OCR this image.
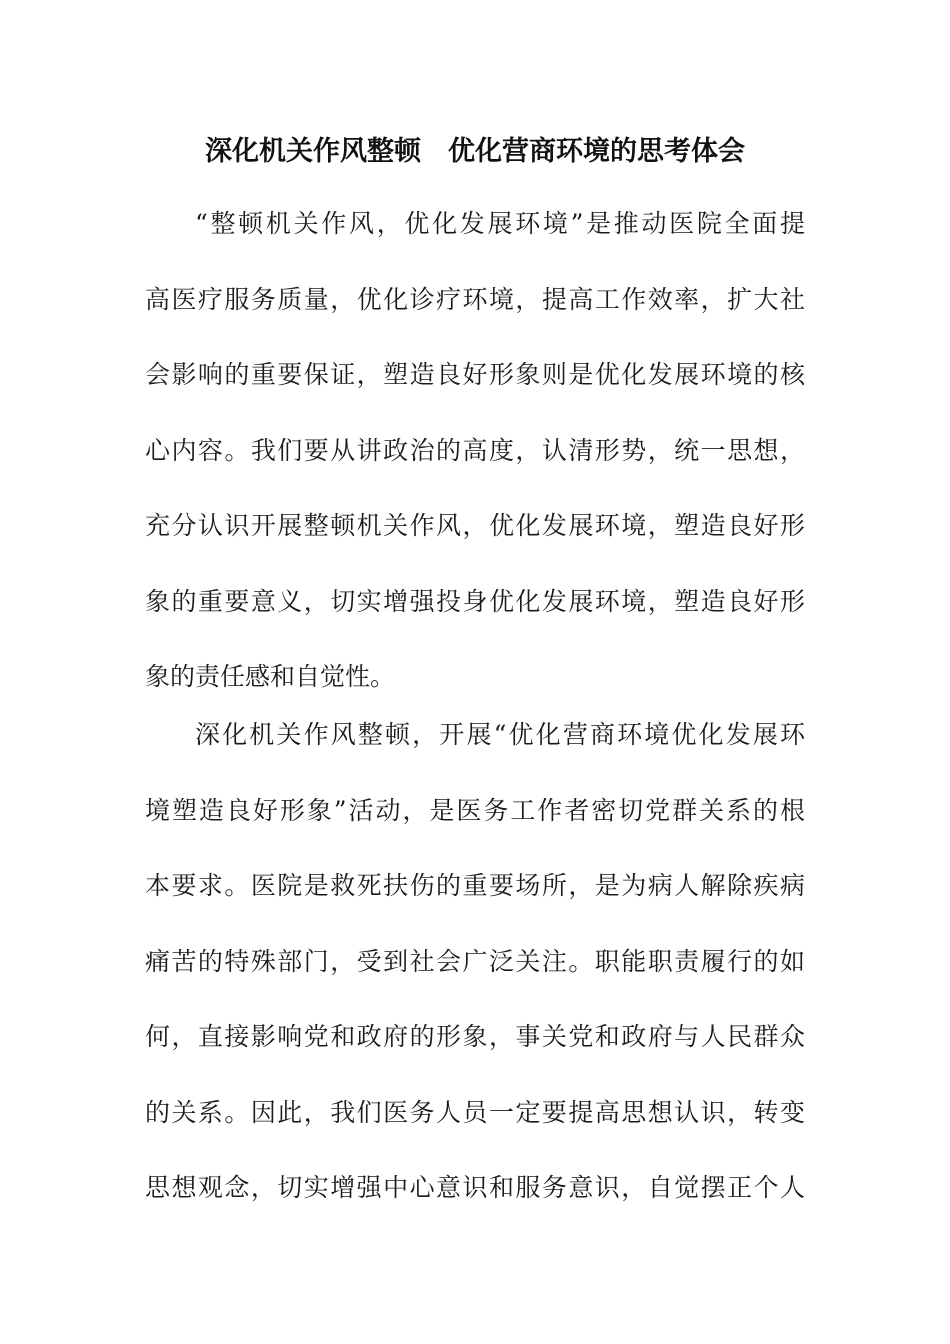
深化机关作风整顿　优化营商环境的思考体会
“整顿机关作风，优化发展环境”是推动医院全面提
高医疗服务质量，优化诊疗环境，提高工作效率，扩大社
会影响的重要保证，塑造良好形象则是优化发展环境的核
心内容。我们要从讲政治的高度，认清形势，统一思想，
充分认识开展整顿机关作风，优化发展环境，塑造良好形
象的重要意义，切实增强投身优化发展环境，塑造良好形
象的责任感和自觉性。
深化机关作风整顿，开展“优化营商环境优化发展环
境塑造良好形象”活动，是医务工作者密切党群关系的根
本要求。医院是救死扶伤的重要场所，是为病人解除疾病
痛苦的特殊部门，受到社会广泛关注。职能职责履行的如
何，直接影响党和政府的形象，事关党和政府与人民群众
的关系。因此，我们医务人员一定要提高思想认识，转变
思想观念，切实增强中心意识和服务意识，自觉摆正个人
